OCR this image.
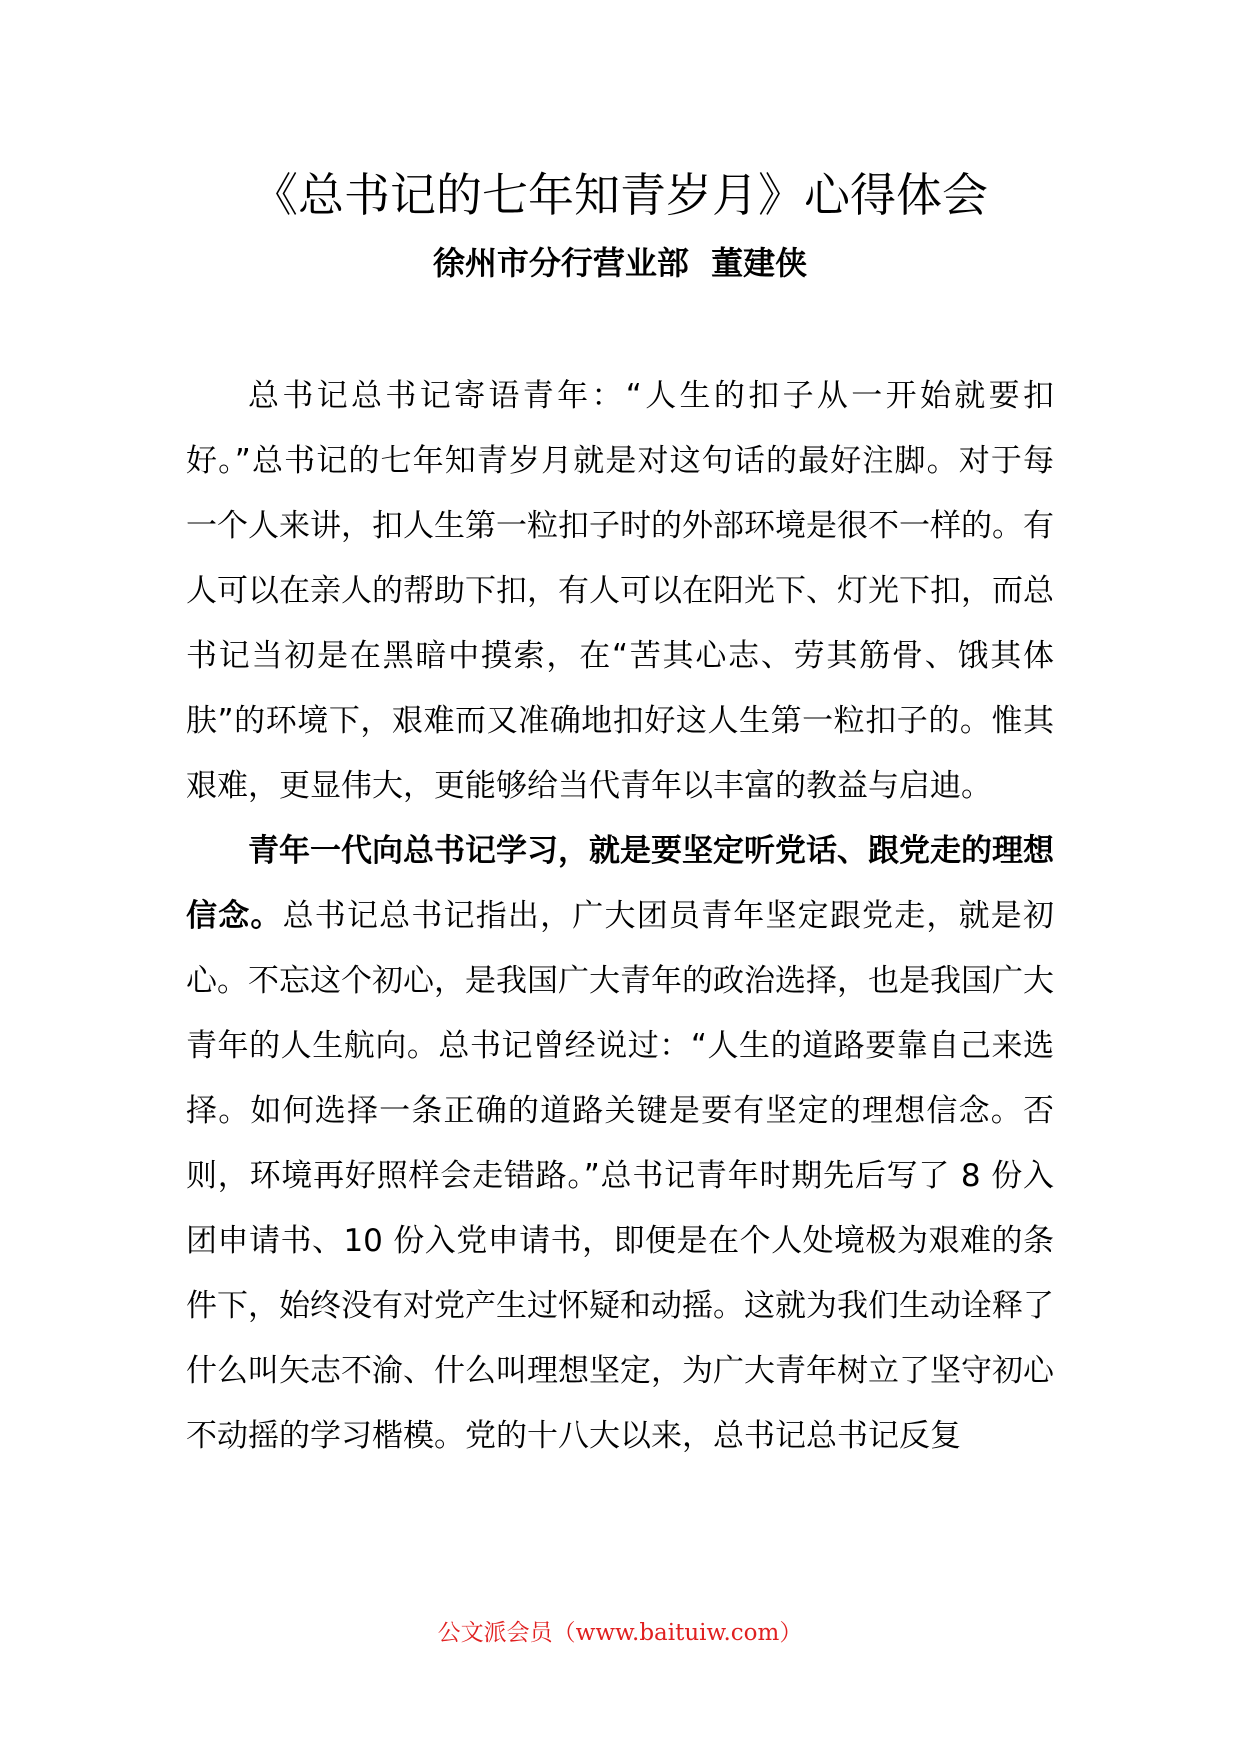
《总书记的七年知青岁月》心得体会
徐州市分行营业部  董建侠

总书记总书记寄语青年：“人生的扣子从一开始就要扣好。”总书记的七年知青岁月就是对这句话的最好注脚。对于每一个人来讲，扣人生第一粒扣子时的外部环境是很不一样的。有人可以在亲人的帮助下扣，有人可以在阳光下、灯光下扣，而总书记当初是在黑暗中摸索，在“苦其心志、劳其筋骨、饿其体肤”的环境下，艰难而又准确地扣好这人生第一粒扣子的。惟其艰难，更显伟大，更能够给当代青年以丰富的教益与启迪。

青年一代向总书记学习，就是要坚定听党话、跟党走的理想信念。总书记总书记指出，广大团员青年坚定跟党走，就是初心。不忘这个初心，是我国广大青年的政治选择，也是我国广大青年的人生航向。总书记曾经说过：“人生的道路要靠自己来选择。如何选择一条正确的道路关键是要有坚定的理想信念。否则，环境再好照样会走错路。”总书记青年时期先后写了 8 份入团申请书、10 份入党申请书，即便是在个人处境极为艰难的条件下，始终没有对党产生过怀疑和动摇。这就为我们生动诠释了什么叫矢志不渝、什么叫理想坚定，为广大青年树立了坚守初心不动摇的学习楷模。党的十八大以来，总书记总书记反复

公文派会员（www.baituiw.com）
